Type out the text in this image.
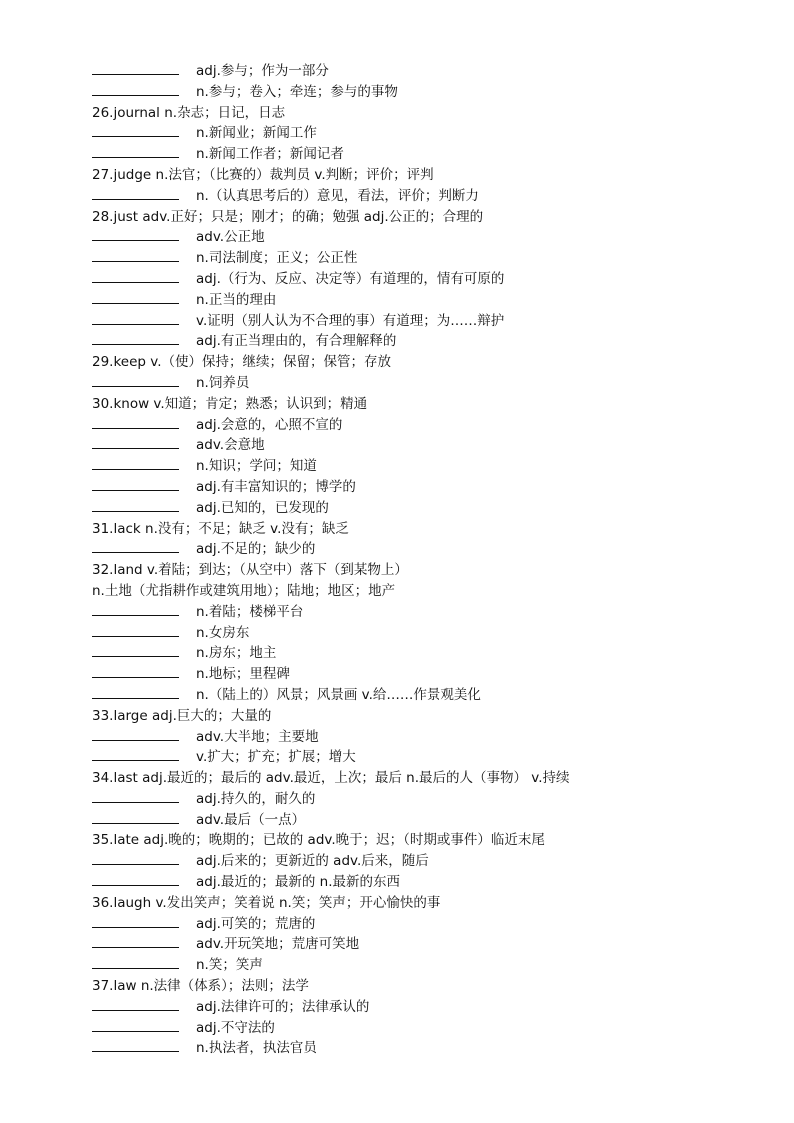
adj.参与；作为一部分
n.参与；卷入；牵连；参与的事物
26.journal n.杂志；日记，日志
n.新闻业；新闻工作
n.新闻工作者；新闻记者
27.judge n.法官；（比赛的）裁判员 v.判断；评价；评判
n.（认真思考后的）意见，看法，评价；判断力
28.just adv.正好；只是；刚才；的确；勉强 adj.公正的；合理的
adv.公正地
n.司法制度；正义；公正性
adj.（行为、反应、决定等）有道理的，情有可原的
n.正当的理由
v.证明（别人认为不合理的事）有道理；为……辩护
adj.有正当理由的，有合理解释的
29.keep v.（使）保持；继续；保留；保管；存放
n.饲养员
30.know v.知道；肯定；熟悉；认识到；精通
adj.会意的，心照不宣的
adv.会意地
n.知识；学问；知道
adj.有丰富知识的；博学的
adj.已知的，已发现的
31.lack n.没有；不足；缺乏 v.没有；缺乏
adj.不足的；缺少的
32.land v.着陆；到达；（从空中）落下（到某物上）
n.土地（尤指耕作或建筑用地）；陆地；地区；地产
n.着陆；楼梯平台
n.女房东
n.房东；地主
n.地标；里程碑
n.（陆上的）风景；风景画 v.给……作景观美化
33.large adj.巨大的；大量的
adv.大半地；主要地
v.扩大；扩充；扩展；增大
34.last adj.最近的；最后的 adv.最近，上次；最后 n.最后的人（事物） v.持续
adj.持久的，耐久的
adv.最后（一点）
35.late adj.晚的；晚期的；已故的 adv.晚于；迟；（时期或事件）临近末尾
adj.后来的；更新近的 adv.后来，随后
adj.最近的；最新的 n.最新的东西
36.laugh v.发出笑声；笑着说 n.笑；笑声；开心愉快的事
adj.可笑的；荒唐的
adv.开玩笑地；荒唐可笑地
n.笑；笑声
37.law n.法律（体系）；法则；法学
adj.法律许可的；法律承认的
adj.不守法的
n.执法者，执法官员
